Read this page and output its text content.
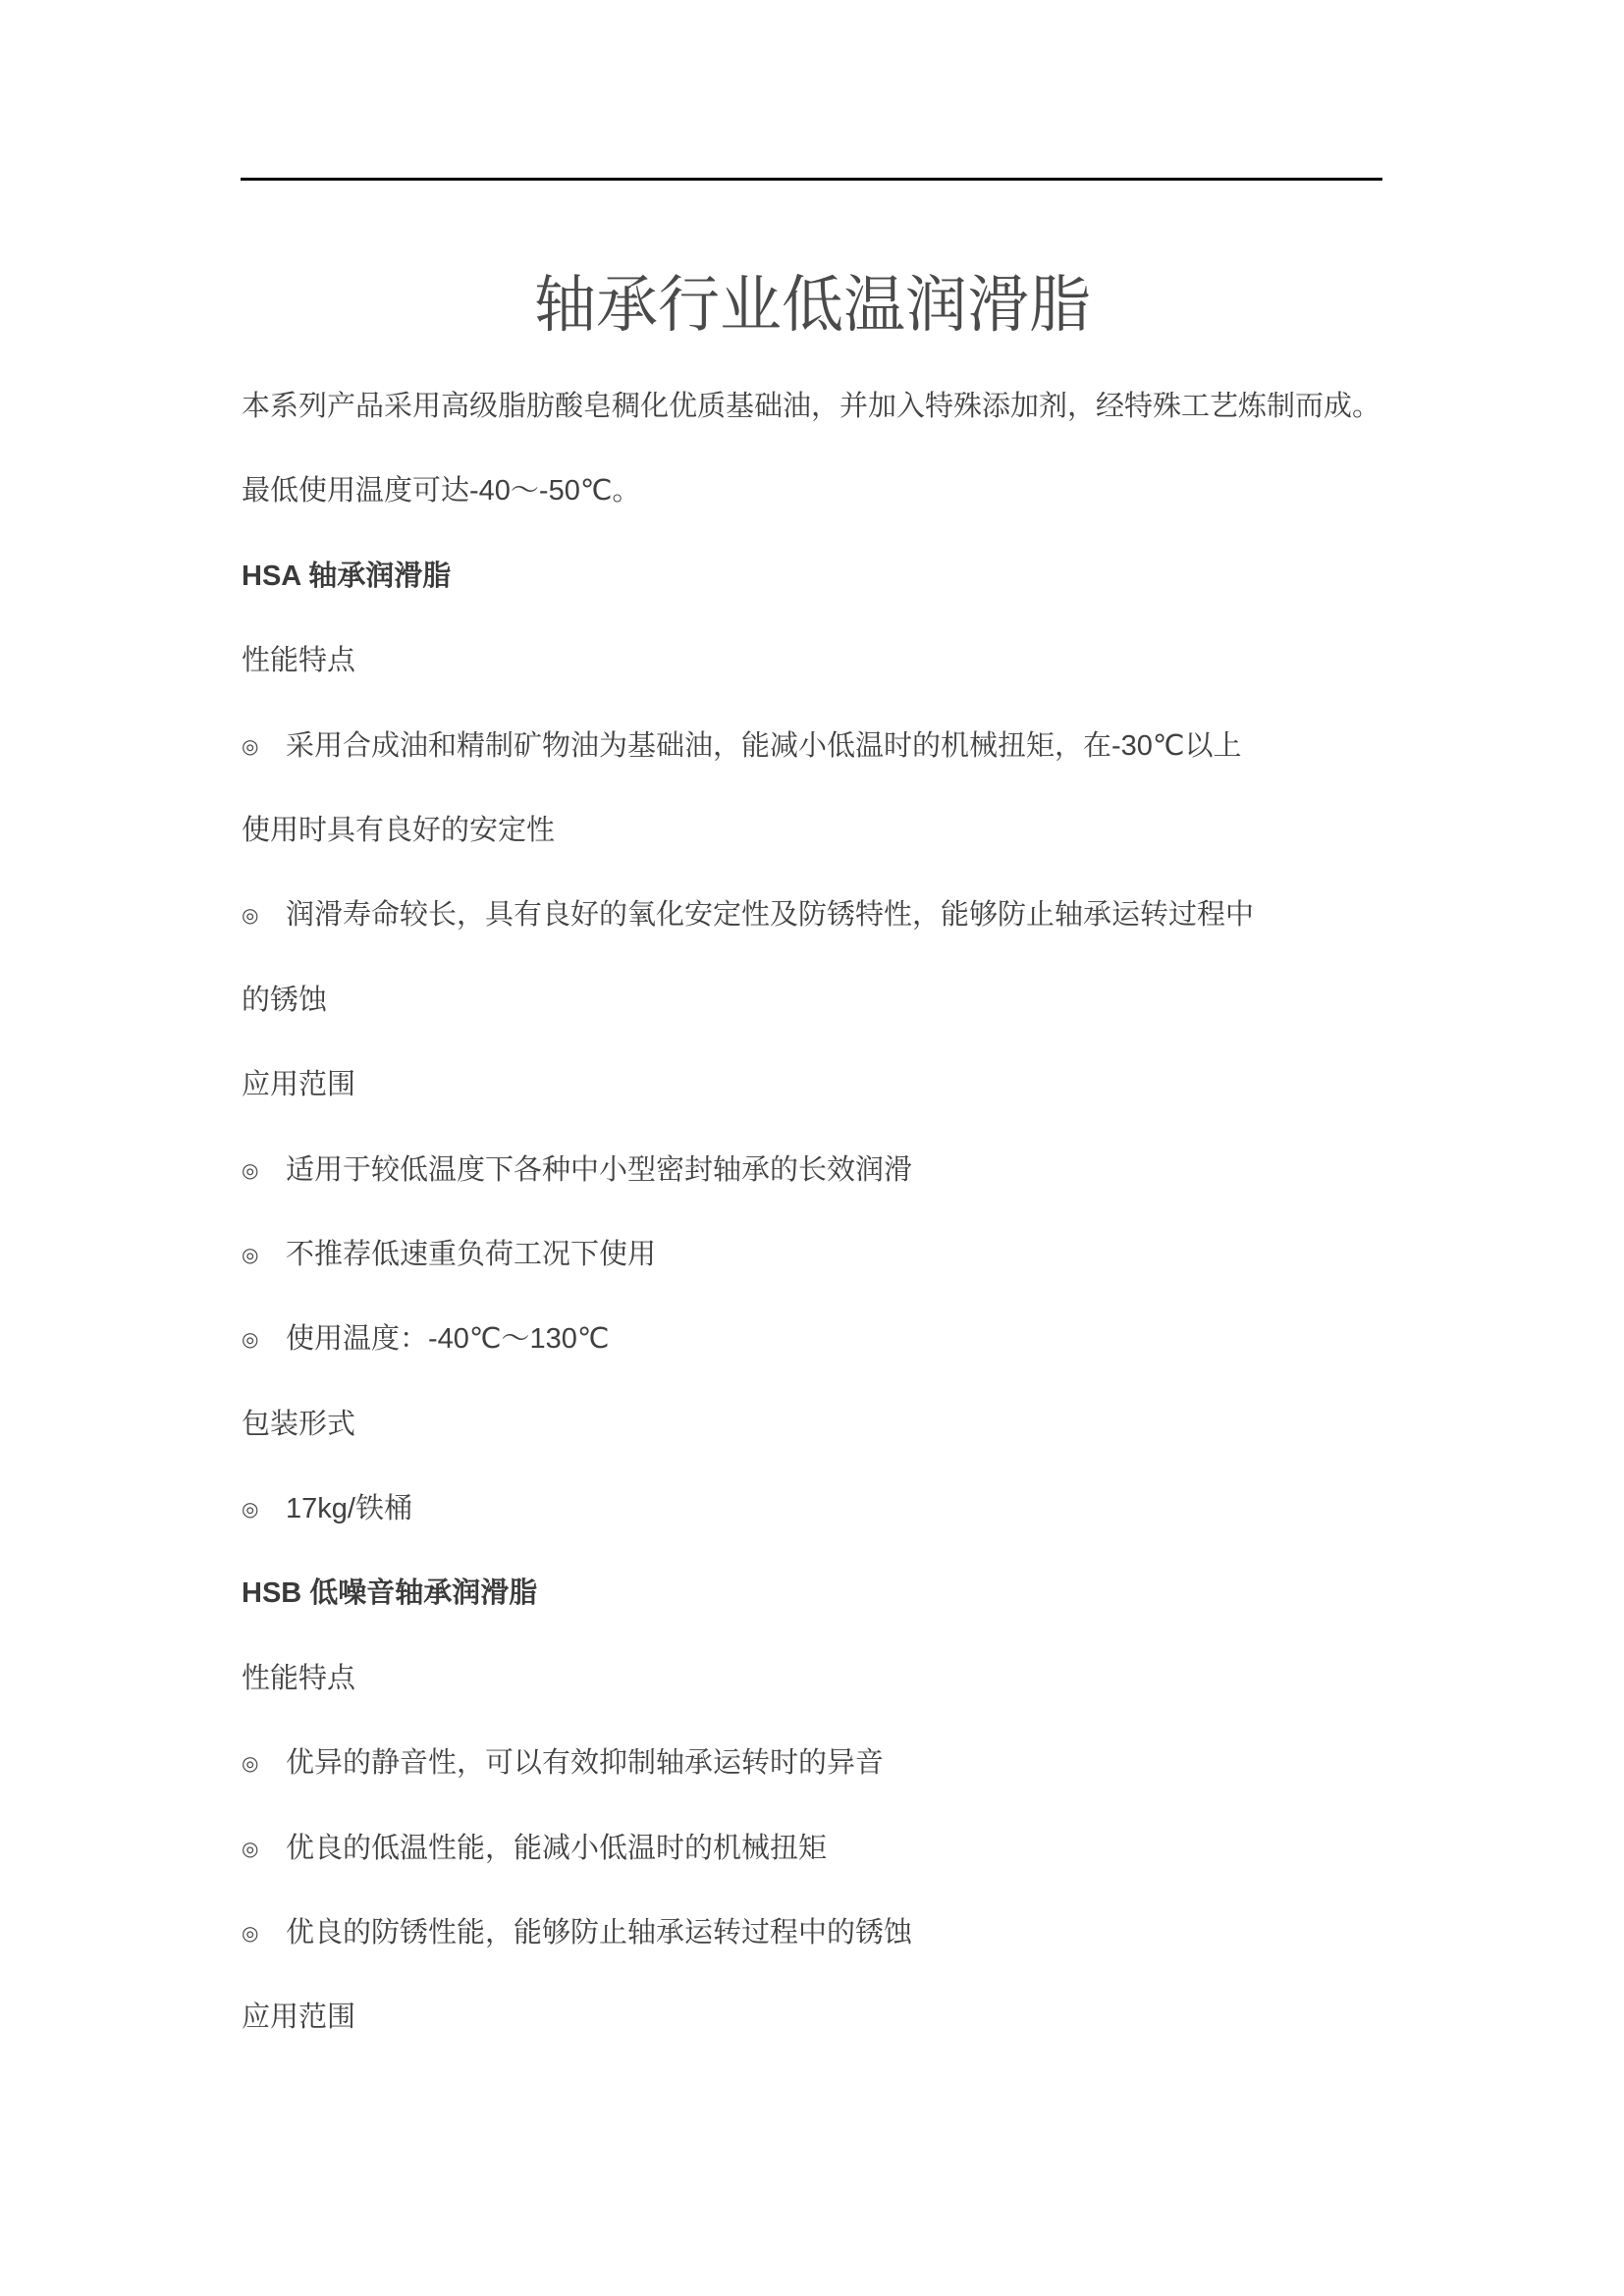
轴承行业低温润滑脂
本系列产品采用高级脂肪酸皂稠化优质基础油，并加入特殊添加剂，经特殊工艺炼制而成。
最低使用温度可达-40～-50℃。
HSA 轴承润滑脂
性能特点
◎ 采用合成油和精制矿物油为基础油，能减小低温时的机械扭矩，在-30℃以上
使用时具有良好的安定性
◎ 润滑寿命较长，具有良好的氧化安定性及防锈特性，能够防止轴承运转过程中
的锈蚀
应用范围
◎ 适用于较低温度下各种中小型密封轴承的长效润滑
◎ 不推荐低速重负荷工况下使用
◎ 使用温度：-40℃～130℃
包装形式
◎ 17kg/铁桶
HSB 低噪音轴承润滑脂
性能特点
◎ 优异的静音性，可以有效抑制轴承运转时的异音
◎ 优良的低温性能，能减小低温时的机械扭矩
◎ 优良的防锈性能，能够防止轴承运转过程中的锈蚀
应用范围
